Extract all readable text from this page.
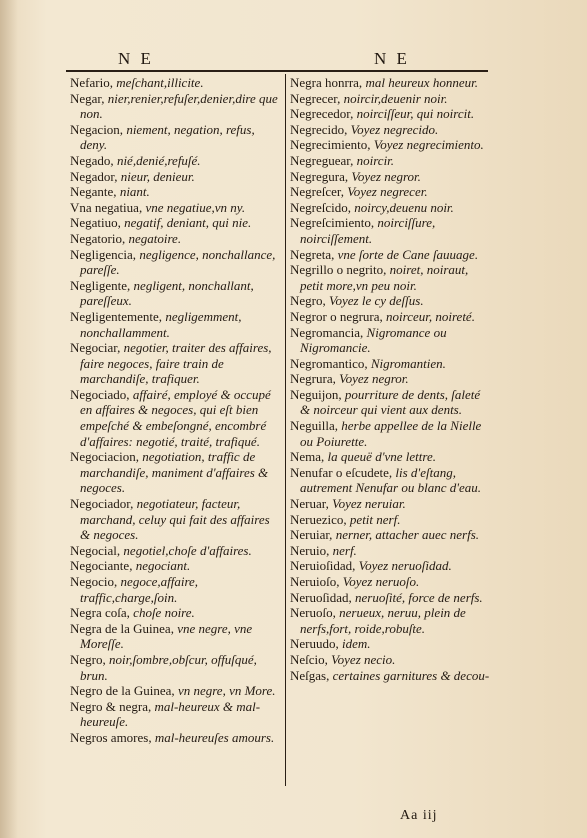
N E	N E

Nefario, meſchant,illicite.

Negar, nier,renier,refuſer,denier,dire que non.

Negacion, niement, negation, refus, deny.

Negado, nié,denié,refuſé.

Negador, nieur, denieur.

Negante, niant.

Vna negatiua, vne negatiue,vn ny.

Negatiuo, negatif, deniant, qui nie.

Negatorio, negatoire.

Negligencia, negligence, nonchallance, pareſſe.

Negligente, negligent, nonchallant, pareſſeux.

Negligentemente, negligemment, nonchallamment.

Negociar, negotier, traiter des affaires, faire negoces, faire train de marchandiſe, trafiquer.

Negociado, affairé, employé & occupé en affaires & negoces, qui eſt bien empeſché & embeſongné, encombré d'affaires: negotié, traité, trafiqué.

Negociacion, negotiation, traffic de marchandiſe, maniment d'affaires & negoces.

Negociador, negotiateur, facteur, marchand, celuy qui fait des affaires & negoces.

Negocial, negotiel,choſe d'affaires.

Negociante, negociant.

Negocio, negoce,affaire, traffic,charge,ſoin.

Negra coſa, choſe noire.

Negra de la Guinea, vne negre, vne Moreſſe.

Negro, noir,ſombre,obſcur, offuſqué, brun.

Negro de la Guinea, vn negre, vn More.

Negro & negra, mal-heureux & mal-heureuſe.

Negros amores, mal-heureuſes amours.

Negra honrra, mal heureux honneur.

Negrecer, noircir,deuenir noir.

Negrecedor, noirciſſeur, qui noircit.

Negrecido, Voyez negrecido.

Negrecimiento, Voyez negrecimiento.

Negreguear, noircir.

Negregura, Voyez negror.

Negreſcer, Voyez negrecer.

Negreſcido, noircy,deuenu noir.

Negreſcimiento, noirciſſure, noirciſſement.

Negreta, vne ſorte de Cane ſauuage.

Negrillo o negrito, noiret, noiraut, petit more,vn peu noir.

Negro, Voyez le cy deſſus.

Negror o negrura, noirceur, noireté.

Negromancia, Nigromance ou Nigromancie.

Negromantico, Nigromantien.

Negrura, Voyez negror.

Neguijon, pourriture de dents, ſaleté & noirceur qui vient aux dents.

Neguilla, herbe appellee de la Nielle ou Poiurette.

Nema, la queuë d'vne lettre.

Nenufar o eſcudete, lis d'eſtang, autrement Nenufar ou blanc d'eau.

Neruar, Voyez neruiar.

Neruezico, petit nerf.

Neruiar, nerner, attacher auec nerfs.

Neruio, nerf.

Neruioſidad, Voyez neruoſidad.

Neruioſo, Voyez neruoſo.

Neruoſidad, neruoſité, force de nerfs.

Neruoſo, nerueux, neruu, plein de nerfs,fort, roide,robuſte.

Neruudo, idem.

Neſcio, Voyez necio.

Neſgas, certaines garnitures & decou-

Aa iij
